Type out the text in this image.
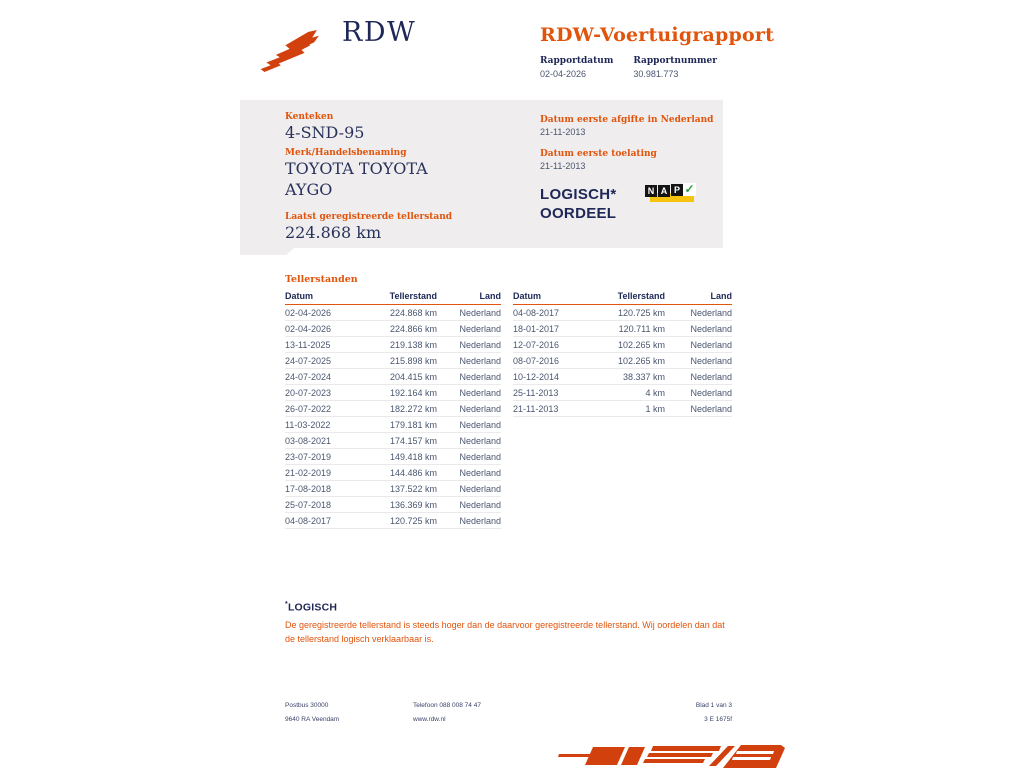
RDW	RDW-Voertuigrapport
Rapportdatum
02-04-2026
Rapportnummer
30.981.773
Kenteken
4-SND-95
Merk/Handelsbenaming
TOYOTA TOYOTA AYGO
Laatst geregistreerde tellerstand
224.868 km
Datum eerste afgifte in Nederland
21-11-2013
Datum eerste toelating
21-11-2013
LOGISCH*
OORDEEL
N A P ✓
Tellerstanden
Datum	Tellerstand	Land
02-04-2026	224.868 km	Nederland
02-04-2026	224.866 km	Nederland
13-11-2025	219.138 km	Nederland
24-07-2025	215.898 km	Nederland
24-07-2024	204.415 km	Nederland
20-07-2023	192.164 km	Nederland
26-07-2022	182.272 km	Nederland
11-03-2022	179.181 km	Nederland
03-08-2021	174.157 km	Nederland
23-07-2019	149.418 km	Nederland
21-02-2019	144.486 km	Nederland
17-08-2018	137.522 km	Nederland
25-07-2018	136.369 km	Nederland
04-08-2017	120.725 km	Nederland
Datum	Tellerstand	Land
04-08-2017	120.725 km	Nederland
18-01-2017	120.711 km	Nederland
12-07-2016	102.265 km	Nederland
08-07-2016	102.265 km	Nederland
10-12-2014	38.337 km	Nederland
25-11-2013	4 km	Nederland
21-11-2013	1 km	Nederland
*LOGISCH
De geregistreerde tellerstand is steeds hoger dan de daarvoor geregistreerde tellerstand. Wij oordelen dan dat de tellerstand logisch verklaarbaar is.
Postbus 30000
9640 RA Veendam
Telefoon 088 008 74 47
www.rdw.nl
Blad 1 van 3
3 E 1675f
